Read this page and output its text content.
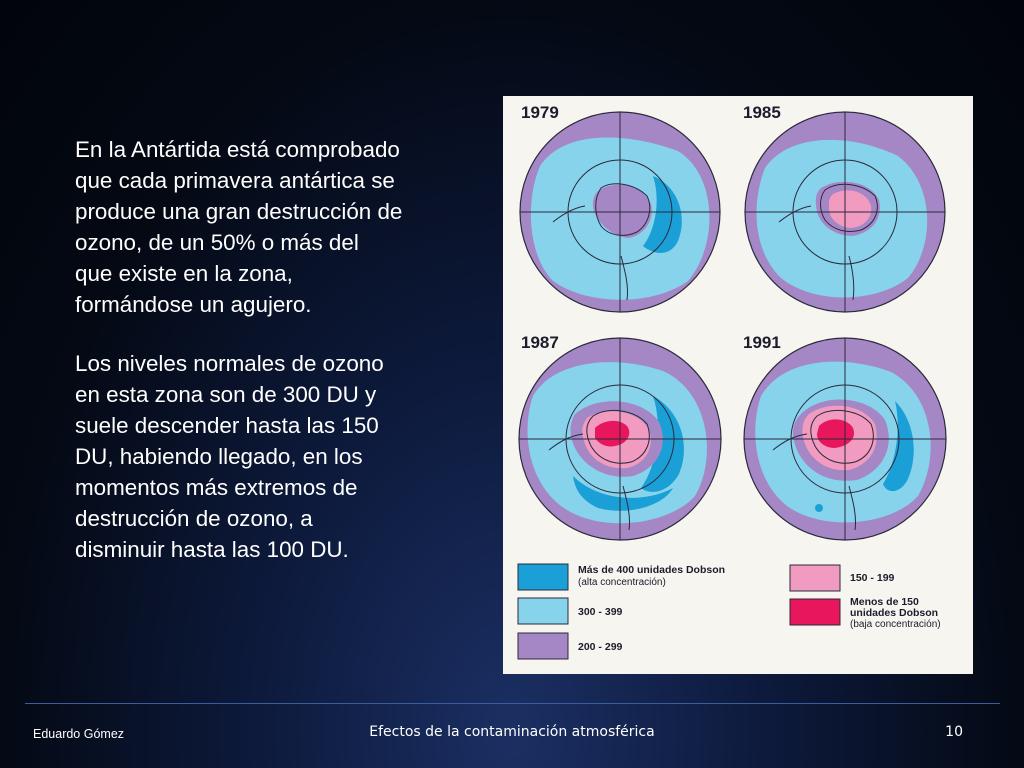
En la Antártida está comprobado
que cada primavera antártica se
produce una gran destrucción de
ozono, de un 50% o más del
que existe en la zona,
formándose un agujero.

Los niveles normales de ozono
en esta zona son de 300 DU y
suele descender hasta las 150
DU, habiendo llegado, en los
momentos más extremos de
destrucción de ozono, a
disminuir hasta las 100 DU.

1979	1985
1987	1991
Más de 400 unidades Dobson
(alta concentración)
300 - 399
200 - 299
150 - 199
Menos de 150
unidades Dobson
(baja concentración)
Eduardo Gómez	Efectos de la contaminación atmosférica	10
